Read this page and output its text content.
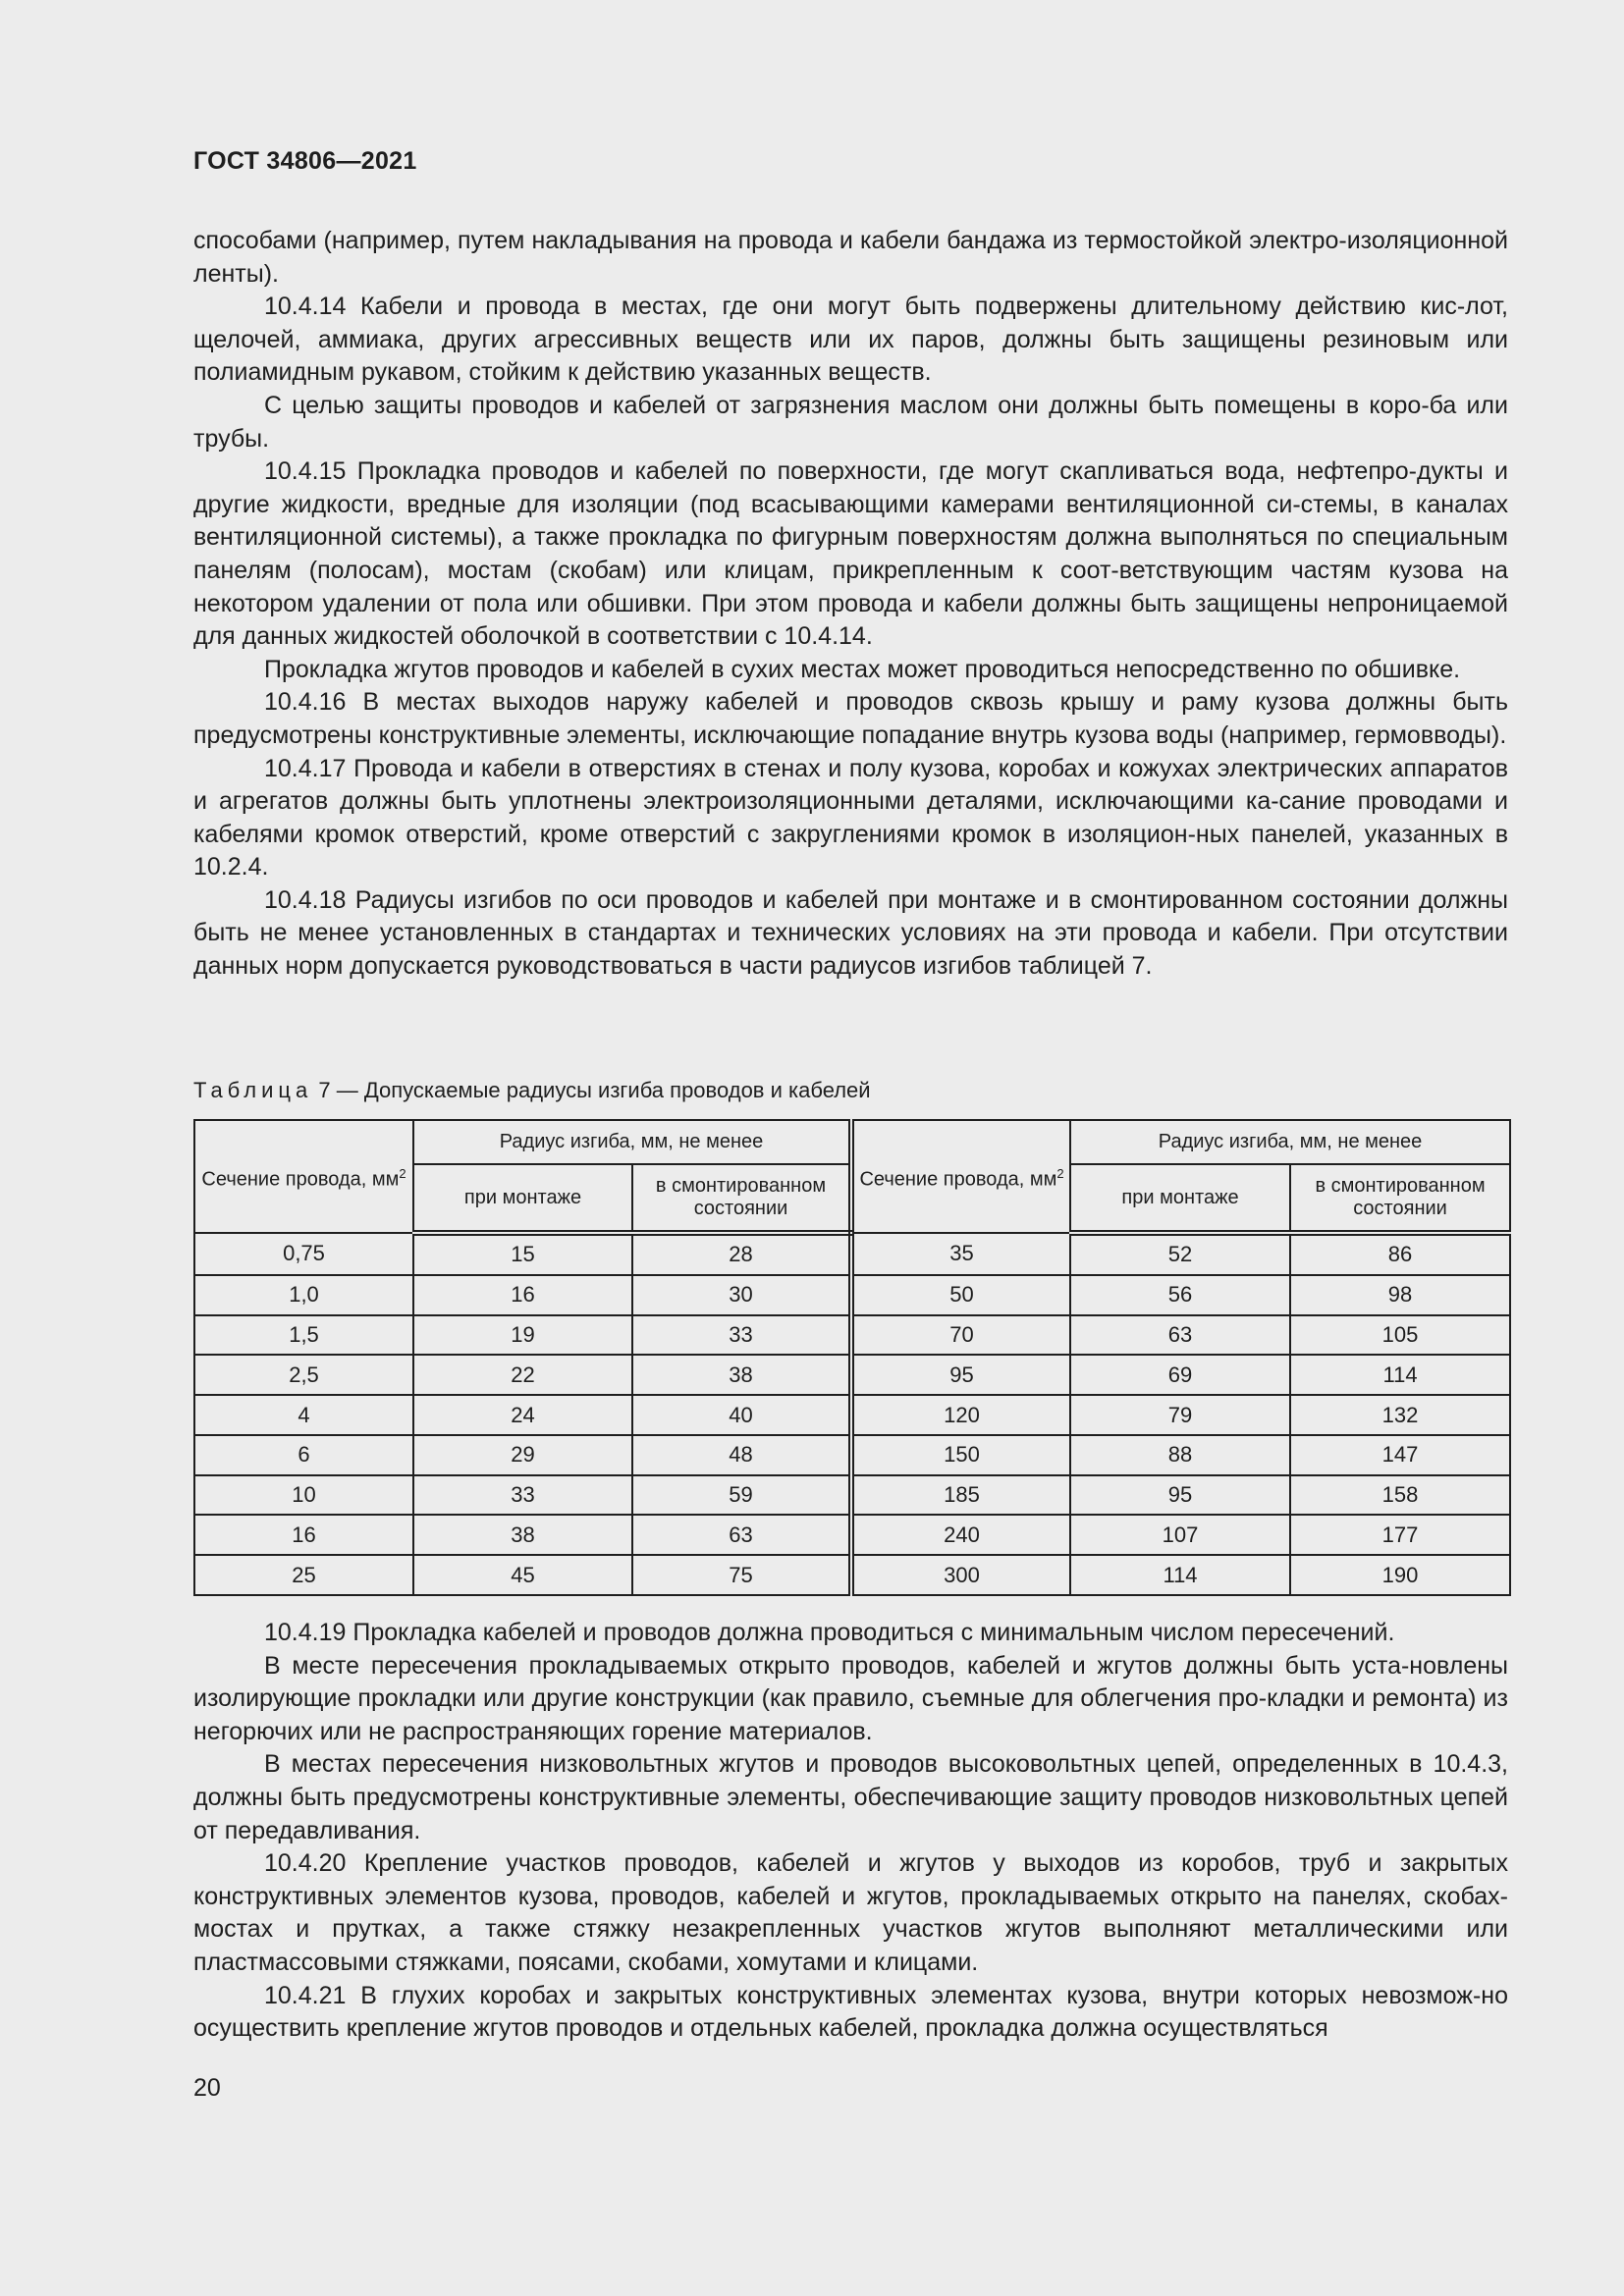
ГОСТ 34806—2021

способами (например, путем накладывания на провода и кабели бандажа из термостойкой электро-изоляционной ленты).

10.4.14 Кабели и провода в местах, где они могут быть подвержены длительному действию кис-лот, щелочей, аммиака, других агрессивных веществ или их паров, должны быть защищены резиновым или полиамидным рукавом, стойким к действию указанных веществ.

С целью защиты проводов и кабелей от загрязнения маслом они должны быть помещены в коро-ба или трубы.

10.4.15 Прокладка проводов и кабелей по поверхности, где могут скапливаться вода, нефтепро-дукты и другие жидкости, вредные для изоляции (под всасывающими камерами вентиляционной си-стемы, в каналах вентиляционной системы), а также прокладка по фигурным поверхностям должна выполняться по специальным панелям (полосам), мостам (скобам) или клицам, прикрепленным к соот-ветствующим частям кузова на некотором удалении от пола или обшивки. При этом провода и кабели должны быть защищены непроницаемой для данных жидкостей оболочкой в соответствии с 10.4.14.

Прокладка жгутов проводов и кабелей в сухих местах может проводиться непосредственно по обшивке.

10.4.16 В местах выходов наружу кабелей и проводов сквозь крышу и раму кузова должны быть предусмотрены конструктивные элементы, исключающие попадание внутрь кузова воды (например, гермовводы).

10.4.17 Провода и кабели в отверстиях в стенах и полу кузова, коробах и кожухах электрических аппаратов и агрегатов должны быть уплотнены электроизоляционными деталями, исключающими ка-сание проводами и кабелями кромок отверстий, кроме отверстий с закруглениями кромок в изоляцион-ных панелей, указанных в 10.2.4.

10.4.18 Радиусы изгибов по оси проводов и кабелей при монтаже и в смонтированном состоянии должны быть не менее установленных в стандартах и технических условиях на эти провода и кабели. При отсутствии данных норм допускается руководствоваться в части радиусов изгибов таблицей 7.

Таблица 7 — Допускаемые радиусы изгиба проводов и кабелей
Сечение провода, $мм^2$	Радиус изгиба, мм, не менее		Сечение провода, $мм^2$	Радиус изгиба, мм, не менее	
	при монтаже	в смонтированном состоянии		при монтаже	в смонтированном состоянии
0,75	15	28	35	52	86
1,0	16	30	50	56	98
1,5	19	33	70	63	105
2,5	22	38	95	69	114
4	24	40	120	79	132
6	29	48	150	88	147
10	33	59	185	95	158
16	38	63	240	107	177
25	45	75	300	114	190

10.4.19 Прокладка кабелей и проводов должна проводиться с минимальным числом пересечений.

В месте пересечения прокладываемых открыто проводов, кабелей и жгутов должны быть уста-новлены изолирующие прокладки или другие конструкции (как правило, съемные для облегчения про-кладки и ремонта) из негорючих или не распространяющих горение материалов.

В местах пересечения низковольтных жгутов и проводов высоковольтных цепей, определенных в 10.4.3, должны быть предусмотрены конструктивные элементы, обеспечивающие защиту проводов низковольтных цепей от передавливания.

10.4.20 Крепление участков проводов, кабелей и жгутов у выходов из коробов, труб и закрытых конструктивных элементов кузова, проводов, кабелей и жгутов, прокладываемых открыто на панелях, скобах-мостах и прутках, а также стяжку незакрепленных участков жгутов выполняют металлическими или пластмассовыми стяжками, поясами, скобами, хомутами и клицами.

10.4.21 В глухих коробах и закрытых конструктивных элементах кузова, внутри которых невозмож-но осуществить крепление жгутов проводов и отдельных кабелей, прокладка должна осуществляться

20
